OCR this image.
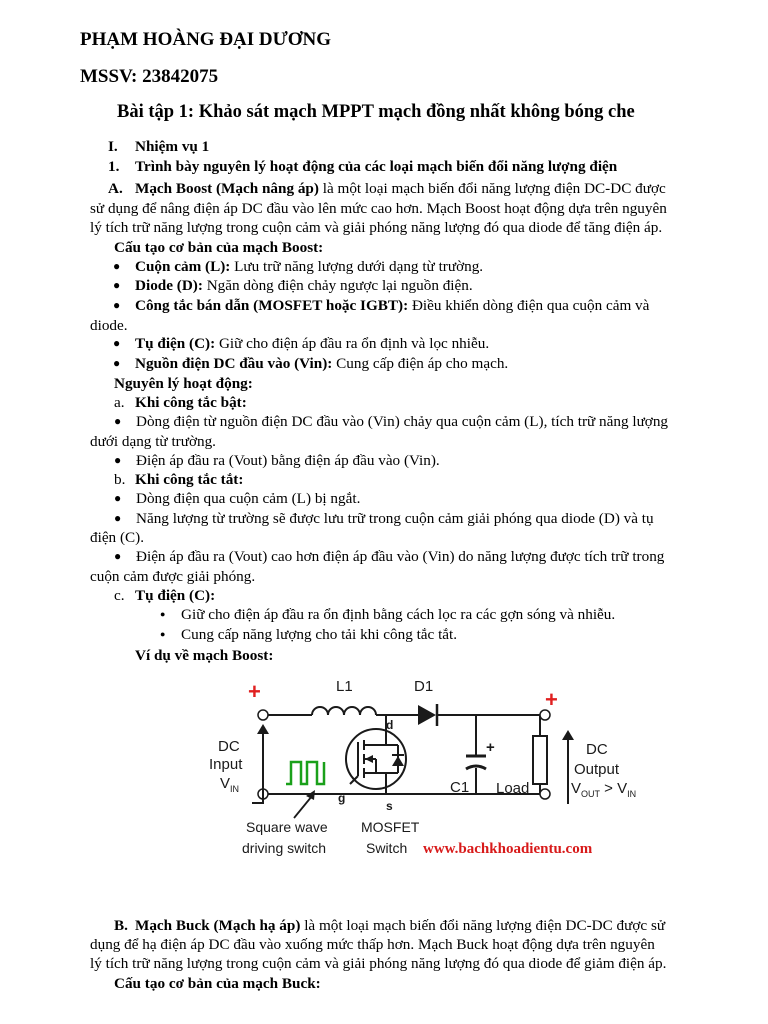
PHẠM HOÀNG ĐẠI DƯƠNG
MSSV: 23842075
Bài tập 1: Khảo sát mạch MPPT mạch đồng nhất không bóng che
I. Nhiệm vụ 1
1. Trình bày nguyên lý hoạt động của các loại mạch biến đổi năng lượng điện
A. Mạch Boost (Mạch nâng áp) là một loại mạch biến đổi năng lượng điện DC-DC được
sử dụng để nâng điện áp DC đầu vào lên mức cao hơn. Mạch Boost hoạt động dựa trên nguyên
lý tích trữ năng lượng trong cuộn cảm và giải phóng năng lượng đó qua diode để tăng điện áp.
Cấu tạo cơ bản của mạch Boost:
● Cuộn cảm (L): Lưu trữ năng lượng dưới dạng từ trường.
● Diode (D): Ngăn dòng điện chảy ngược lại nguồn điện.
● Công tắc bán dẫn (MOSFET hoặc IGBT): Điều khiển dòng điện qua cuộn cảm và
diode.
● Tụ điện (C): Giữ cho điện áp đầu ra ổn định và lọc nhiễu.
● Nguồn điện DC đầu vào (Vin): Cung cấp điện áp cho mạch.
Nguyên lý hoạt động:
a. Khi công tắc bật:
● Dòng điện từ nguồn điện DC đầu vào (Vin) chảy qua cuộn cảm (L), tích trữ năng lượng
dưới dạng từ trường.
● Điện áp đầu ra (Vout) bằng điện áp đầu vào (Vin).
b. Khi công tắc tắt:
● Dòng điện qua cuộn cảm (L) bị ngắt.
● Năng lượng từ trường sẽ được lưu trữ trong cuộn cảm giải phóng qua diode (D) và tụ
điện (C).
● Điện áp đầu ra (Vout) cao hơn điện áp đầu vào (Vin) do năng lượng được tích trữ trong
cuộn cảm được giải phóng.
c. Tụ điện (C):
● Giữ cho điện áp đầu ra ổn định bằng cách lọc ra các gợn sóng và nhiễu.
● Cung cấp năng lượng cho tải khi công tắc tắt.
Ví dụ về mạch Boost:
+	+
L1	D1
d
g
s
+
C1 Load
DC
Input
$V_{IN}$
DC
Output
$V_{OUT} > V_{IN}$
Square wave
driving switch
MOSFET
Switch www.bachkhoadientu.com
B. Mạch Buck (Mạch hạ áp) là một loại mạch biến đổi năng lượng điện DC-DC được sử
dụng để hạ điện áp DC đầu vào xuống mức thấp hơn. Mạch Buck hoạt động dựa trên nguyên
lý tích trữ năng lượng trong cuộn cảm và giải phóng năng lượng đó qua diode để giảm điện áp.
Cấu tạo cơ bản của mạch Buck:
